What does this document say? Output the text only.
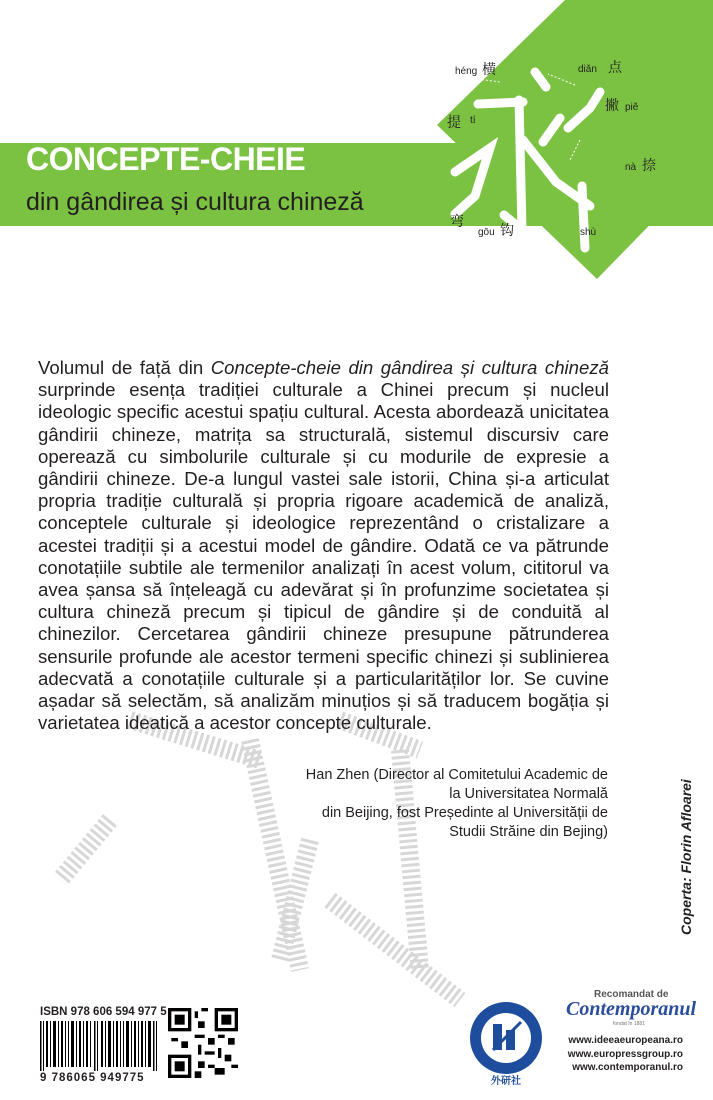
héng 横	diǎn 点
piě
撇
tí
提
nà 捺
弯
gōu 钩	shù
CONCEPTE-CHEIE
din gândirea și cultura chineză

Volumul de față din Concepte-cheie din gândirea și cultura chineză surprinde esența tradiției culturale a Chinei precum și nucleul ideologic specific acestui spațiu cultural. Acesta abordează unicitatea gândirii chineze, matrița sa structurală, sistemul discursiv care operează cu simbolurile culturale și cu modurile de expresie a gândirii chineze. De-a lungul vastei sale istorii, China și-a articulat propria tradiție culturală și propria rigoare academică de analiză, conceptele culturale și ideologice reprezentând o cristalizare a acestei tradiții și a acestui model de gândire. Odată ce va pătrunde conotațiile subtile ale termenilor analizați în acest volum, cititorul va avea șansa să înțeleagă cu adevărat și în profunzime societatea și cultura chineză precum și tipicul de gândire și de conduită al chinezilor. Cercetarea gândirii chineze presupune pătrunderea sensurile profunde ale acestor termeni specific chinezi și sublinierea adecvată a conotațiile culturale și a particularităților lor. Se cuvine așadar să selectăm, să analizăm minuțios și să traducem bogăția și varietatea ideatică a acestor concepte culturale.

Han Zhen (Director al Comitetului Academic de la Universitatea Normală
din Beijing, fost Președinte al Universității de Studii Străine din Bejing)	Coperta: Florin Afloarei
ISBN 978 606 594 977 5
9 786065 949775	外研社
Recomandat de
Contemporanul
fondat în 1881
www.ideeaeuropeana.ro
www.europressgroup.ro
www.contemporanul.ro
